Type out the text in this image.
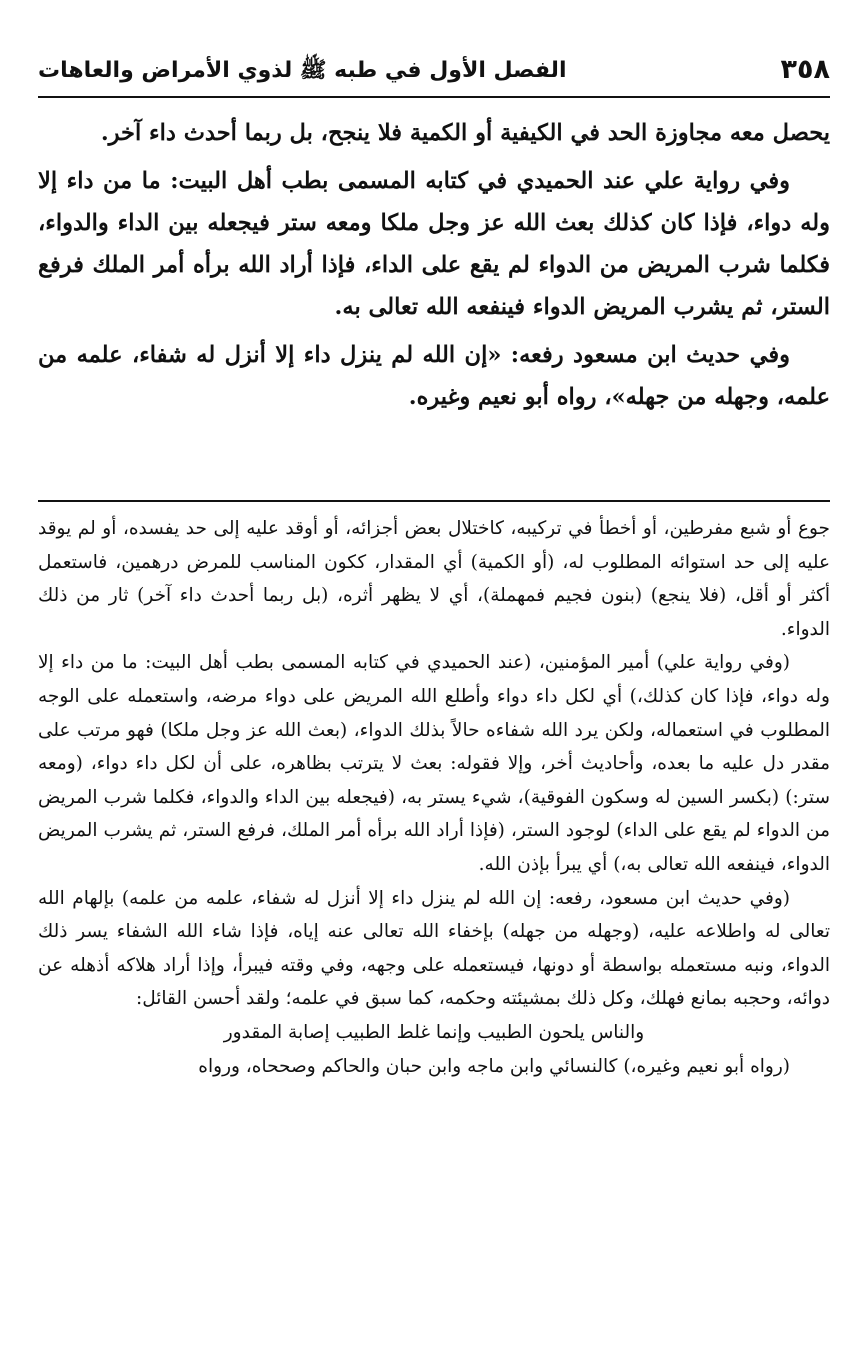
٣٥٨
الفصل الأول في طبه ﷺ لذوي الأمراض والعاهات

يحصل معه مجاوزة الحد في الكيفية أو الكمية فلا ينجح، بل ربما أحدث داء آخر.

وفي رواية علي عند الحميدي في كتابه المسمى بطب أهل البيت: ما من داء إلا وله دواء، فإذا كان كذلك بعث الله عز وجل ملكا ومعه ستر فيجعله بين الداء والدواء، فكلما شرب المريض من الدواء لم يقع على الداء، فإذا أراد الله برأه أمر الملك فرفع الستر، ثم يشرب المريض الدواء فينفعه الله تعالى به.

وفي حديث ابن مسعود رفعه: «إن الله لم ينزل داء إلا أنزل له شفاء، علمه من علمه، وجهله من جهله»، رواه أبو نعيم وغيره.

جوع أو شبع مفرطين، أو أخطأ في تركيبه، كاختلال بعض أجزائه، أو أوقد عليه إلى حد يفسده، أو لم يوقد عليه إلى حد استوائه المطلوب له، (أو الكمية) أي المقدار، ككون المناسب للمرض درهمين، فاستعمل أكثر أو أقل، (فلا ينجع) (بنون فجيم فمهملة)، أي لا يظهر أثره، (بل ربما أحدث داء آخر) ثار من ذلك الدواء.

(وفي رواية علي) أمير المؤمنين، (عند الحميدي في كتابه المسمى بطب أهل البيت: ما من داء إلا وله دواء، فإذا كان كذلك،) أي لكل داء دواء وأطلع الله المريض على دواء مرضه، واستعمله على الوجه المطلوب في استعماله، ولكن يرد الله شفاءه حالاً بذلك الدواء، (بعث الله عز وجل ملكا) فهو مرتب على مقدر دل عليه ما بعده، وأحاديث أخر، وإلا فقوله: بعث لا يترتب بظاهره، على أن لكل داء دواء، (ومعه ستر:) (بكسر السين له وسكون الفوقية)، شيء يستر به، (فيجعله بين الداء والدواء، فكلما شرب المريض من الدواء لم يقع على الداء) لوجود الستر، (فإذا أراد الله برأه أمر الملك، فرفع الستر، ثم يشرب المريض الدواء، فينفعه الله تعالى به،) أي يبرأ بإذن الله.

(وفي حديث ابن مسعود، رفعه: إن الله لم ينزل داء إلا أنزل له شفاء، علمه من علمه) بإلهام الله تعالى له واطلاعه عليه، (وجهله من جهله) بإخفاء الله تعالى عنه إياه، فإذا شاء الله الشفاء يسر ذلك الدواء، ونبه مستعمله بواسطة أو دونها، فيستعمله على وجهه، وفي وقته فيبرأ، وإذا أراد هلاكه أذهله عن دوائه، وحجبه بمانع فهلك، وكل ذلك بمشيئته وحكمه، كما سبق في علمه؛ ولقد أحسن القائل:

والناس يلحون الطبيب وإنما غلط الطبيب إصابة المقدور

(رواه أبو نعيم وغيره،) كالنسائي وابن ماجه وابن حبان والحاكم وصححاه، ورواه
